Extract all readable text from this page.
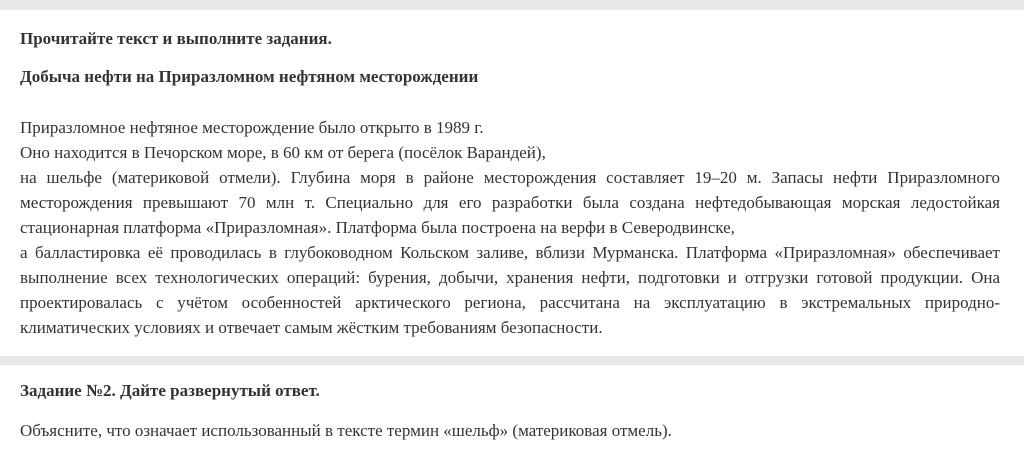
Прочитайте текст и выполните задания.

Добыча нефти на Приразломном нефтяном месторождении

Приразломное нефтяное месторождение было открыто в 1989 г.
Оно находится в Печорском море, в 60 км от берега (посёлок Варандей),
на шельфе (материковой отмели). Глубина моря в районе месторождения составляет 19–20 м. Запасы нефти Приразломного месторождения превышают 70 млн т. Специально для его разработки была создана нефтедобывающая морская ледостойкая стационарная платформа «Приразломная». Платформа была построена на верфи в Северодвинске,
а балластировка её проводилась в глубоководном Кольском заливе, вблизи Мурманска. Платформа «Приразломная» обеспечивает выполнение всех технологических операций: бурения, добычи, хранения нефти, подготовки и отгрузки готовой продукции. Она проектировалась с учётом особенностей арктического региона, рассчитана на эксплуатацию в экстремальных природно-климатических условиях и отвечает самым жёстким требованиям безопасности.

Задание №2. Дайте развернутый ответ.

Объясните, что означает использованный в тексте термин «шельф» (материковая отмель).
